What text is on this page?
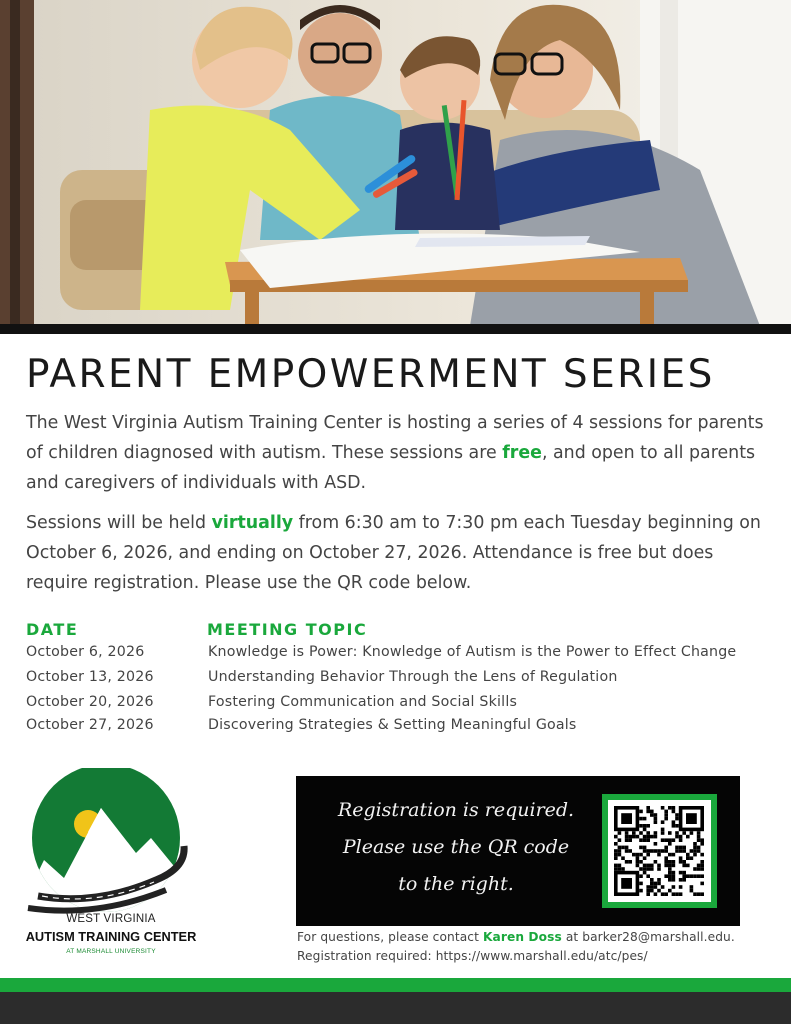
PARENT EMPOWERMENT SERIES

The West Virginia Autism Training Center is hosting a series of 4 sessions for parents of children diagnosed with autism. These sessions are free, and open to all parents and caregivers of individuals with ASD.

Sessions will be held virtually from 6:30 am to 7:30 pm each Tuesday beginning on October 6, 2026, and ending on October 27, 2026. Attendance is free but does require registration. Please use the QR code below.

DATE	MEETING TOPIC
October 6, 2026	Knowledge is Power: Knowledge of Autism is the Power to Effect Change
October 13, 2026	Understanding Behavior Through the Lens of Regulation
October 20, 2026	Fostering Communication and Social Skills
October 27, 2026	Discovering Strategies & Setting Meaningful Goals
WEST VIRGINIA
AUTISM TRAINING CENTER
AT MARSHALL UNIVERSITY
Registration is required.
Please use the QR code
to the right.
For questions, please contact Karen Doss at barker28@marshall.edu.
Registration required: https://www.marshall.edu/atc/pes/
